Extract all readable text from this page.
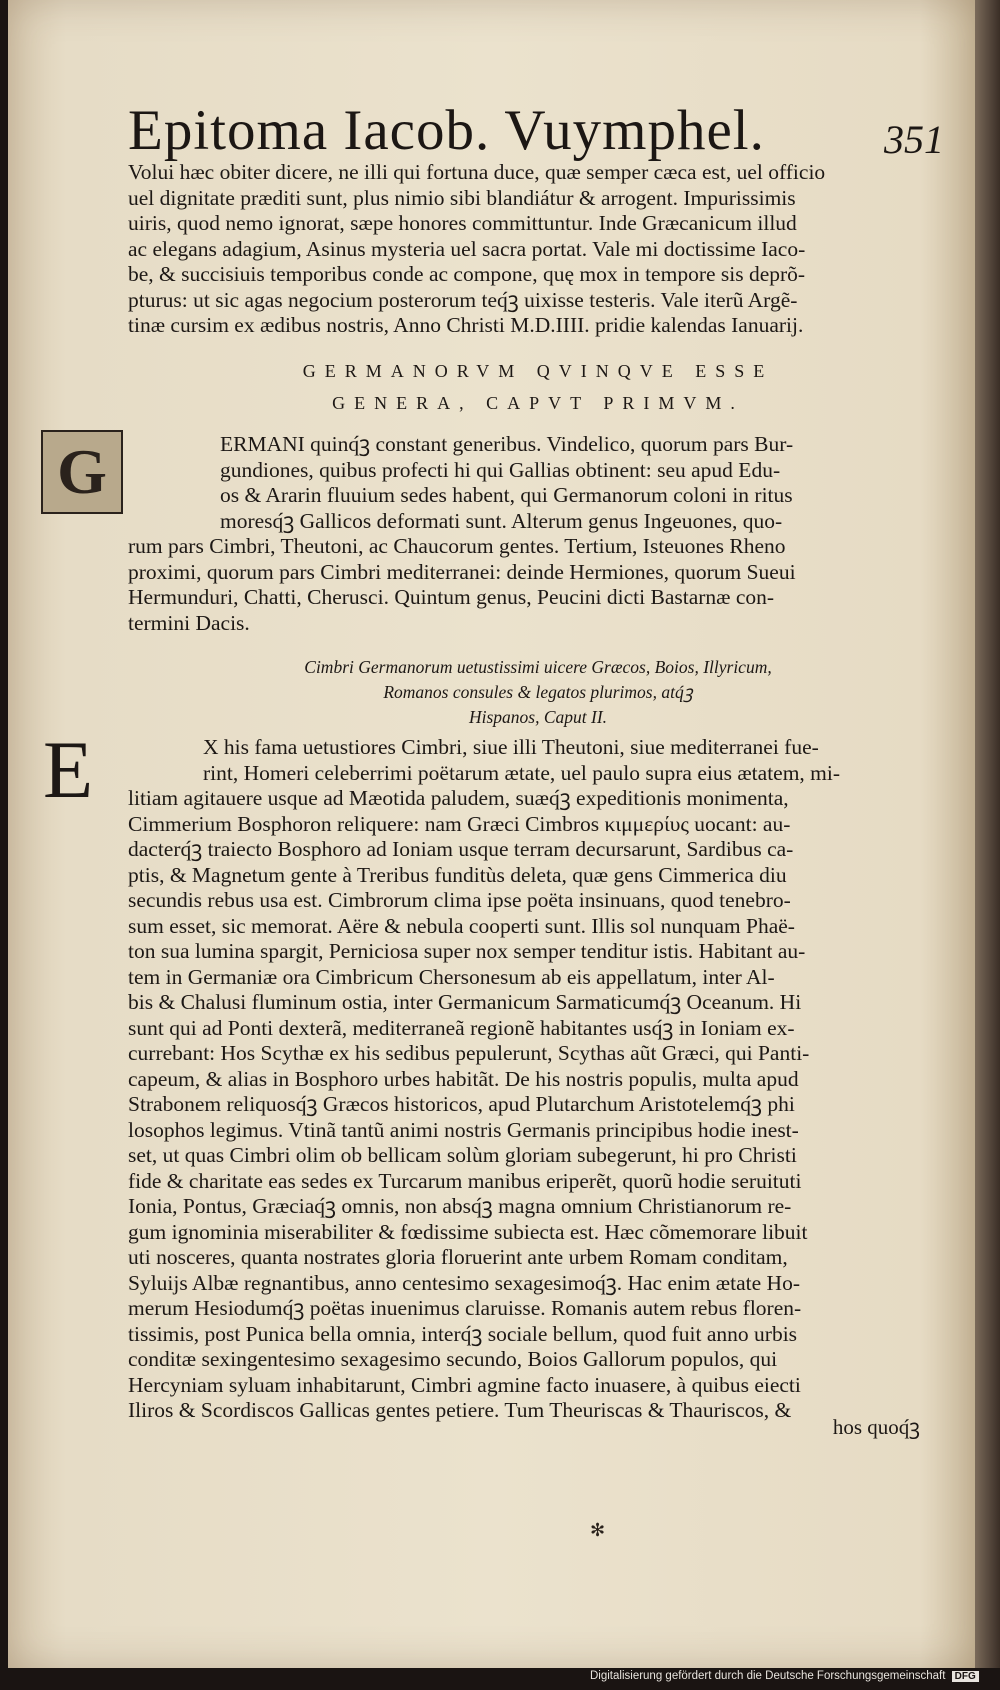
Epitoma Iacob. Vuymphel.	351
Volui hæc obiter dicere, ne illi qui fortuna duce, quæ semper cæca est, uel officio
uel dignitate præditi sunt, plus nimio sibi blandiátur & arrogent. Impurissimis
uiris, quod nemo ignorat, sæpe honores committuntur. Inde Græcanicum illud
ac elegans adagium, Asinus mysteria uel sacra portat. Vale mi doctissime Iaco-
be, & succisiuis temporibus conde ac compone, quę mox in tempore sis deprõ-
pturus: ut sic agas negocium posterorum teq́ꝫ uixisse testeris. Vale iterũ Argẽ-
tinæ cursim ex ædibus nostris, Anno Christi M.D.IIII. pridie kalendas Ianuarij.
GERMANORVM QVINQVE ESSE
GENERA, CAPVT PRIMVM.
G	ERMANI quinq́ꝫ constant generibus. Vindelico, quorum pars Bur-
gundiones, quibus profecti hi qui Gallias obtinent: seu apud Edu-
os & Ararin fluuium sedes habent, qui Germanorum coloni in ritus
moresq́ꝫ Gallicos deformati sunt. Alterum genus Ingeuones, quo-
rum pars Cimbri, Theutoni, ac Chaucorum gentes. Tertium, Isteuones Rheno
proximi, quorum pars Cimbri mediterranei: deinde Hermiones, quorum Sueui
Hermunduri, Chatti, Cherusci. Quintum genus, Peucini dicti Bastarnæ con-
termini Dacis.
Cimbri Germanorum uetustissimi uicere Græcos, Boios, Illyricum,
Romanos consules & legatos plurimos, atq́ꝫ
Hispanos, Caput II.
E	X his fama uetustiores Cimbri, siue illi Theutoni, siue mediterranei fue-
rint, Homeri celeberrimi poëtarum ætate, uel paulo supra eius ætatem, mi-
litiam agitauere usque ad Mæotida paludem, suæq́ꝫ expeditionis monimenta,
Cimmerium Bosphoron reliquere: nam Græci Cimbros κιμμερίυς uocant: au-
dacterq́ꝫ traiecto Bosphoro ad Ioniam usque terram decursarunt, Sardibus ca-
ptis, & Magnetum gente à Treribus funditùs deleta, quæ gens Cimmerica diu
secundis rebus usa est. Cimbrorum clima ipse poëta insinuans, quod tenebro-
sum esset, sic memorat. Aëre & nebula cooperti sunt. Illis sol nunquam Phaë-
ton sua lumina spargit, Perniciosa super nox semper tenditur istis. Habitant au-
tem in Germaniæ ora Cimbricum Chersonesum ab eis appellatum, inter Al-
bis & Chalusi fluminum ostia, inter Germanicum Sarmaticumq́ꝫ Oceanum. Hi
sunt qui ad Ponti dexterã, mediterraneã regionẽ habitantes usq́ꝫ in Ioniam ex-
currebant: Hos Scythæ ex his sedibus pepulerunt, Scythas aũt Græci, qui Panti-
capeum, & alias in Bosphoro urbes habitãt. De his nostris populis, multa apud
Strabonem reliquosq́ꝫ Græcos historicos, apud Plutarchum Aristotelemq́ꝫ phi
losophos legimus. Vtinã tantũ animi nostris Germanis principibus hodie inest-
set, ut quas Cimbri olim ob bellicam solùm gloriam subegerunt, hi pro Christi
fide & charitate eas sedes ex Turcarum manibus eriperẽt, quorũ hodie seruituti
Ionia, Pontus, Græciaq́ꝫ omnis, non absq́ꝫ magna omnium Christianorum re-
gum ignominia miserabiliter & fœdissime subiecta est. Hæc cõmemorare libuit
uti nosceres, quanta nostrates gloria floruerint ante urbem Romam conditam,
Syluijs Albæ regnantibus, anno centesimo sexagesimoq́ꝫ. Hac enim ætate Ho-
merum Hesiodumq́ꝫ poëtas inuenimus claruisse. Romanis autem rebus floren-
tissimis, post Punica bella omnia, interq́ꝫ sociale bellum, quod fuit anno urbis
conditæ sexingentesimo sexagesimo secundo, Boios Gallorum populos, qui
Hercyniam syluam inhabitarunt, Cimbri agmine facto inuasere, à quibus eiecti
Iliros & Scordiscos Gallicas gentes petiere. Tum Theuriscas & Thauriscos, &
hos quoq́ꝫ
✻
Digitalisierung gefördert durch die Deutsche Forschungsgemeinschaft DFG
